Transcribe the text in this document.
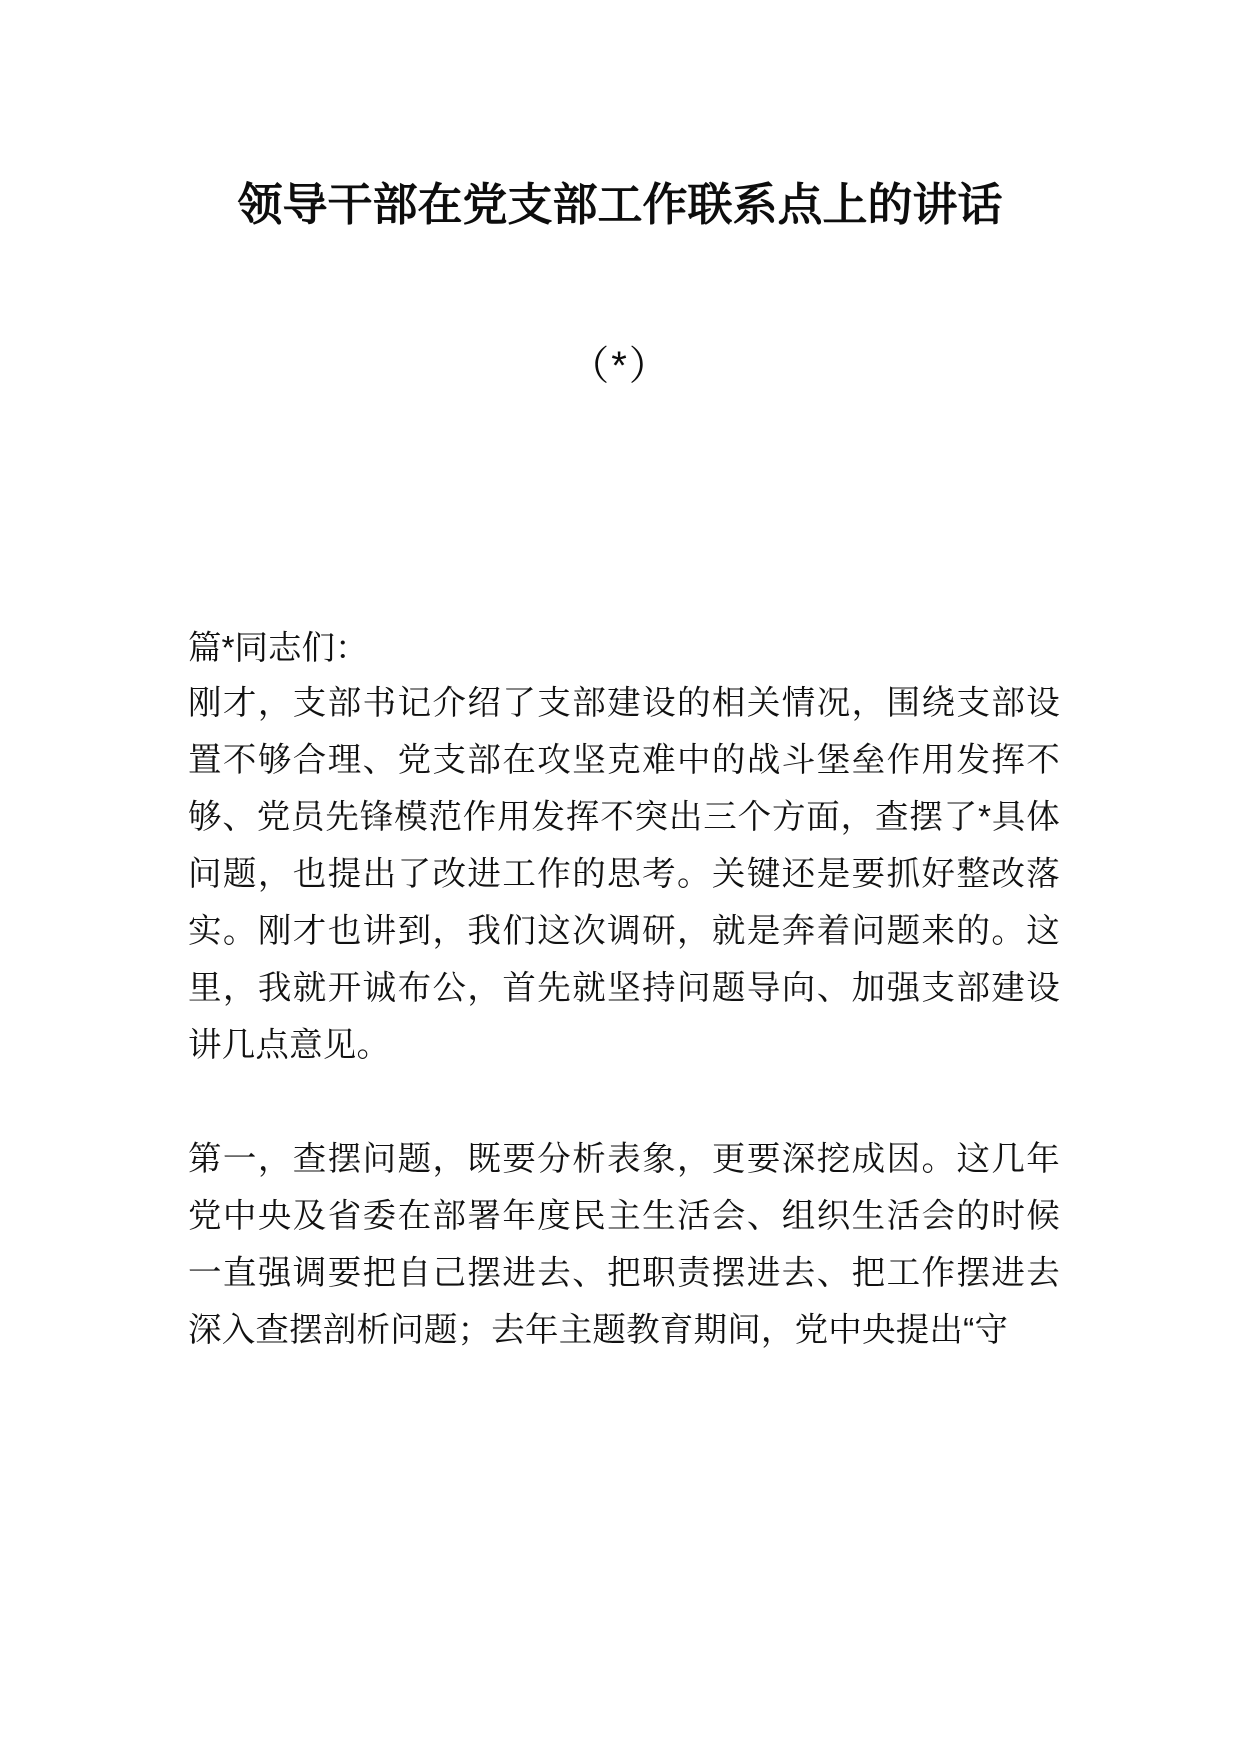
领导干部在党支部工作联系点上的讲话
（*）

篇*同志们：

刚才，支部书记介绍了支部建设的相关情况，围绕支部设置不够合理、党支部在攻坚克难中的战斗堡垒作用发挥不够、党员先锋模范作用发挥不突出三个方面，查摆了*具体问题，也提出了改进工作的思考。关键还是要抓好整改落实。刚才也讲到，我们这次调研，就是奔着问题来的。这里，我就开诚布公，首先就坚持问题导向、加强支部建设讲几点意见。

第一，查摆问题，既要分析表象，更要深挖成因。这几年党中央及省委在部署年度民主生活会、组织生活会的时候一直强调要把自己摆进去、把职责摆进去、把工作摆进去深入查摆剖析问题；去年主题教育期间，党中央提出“守
